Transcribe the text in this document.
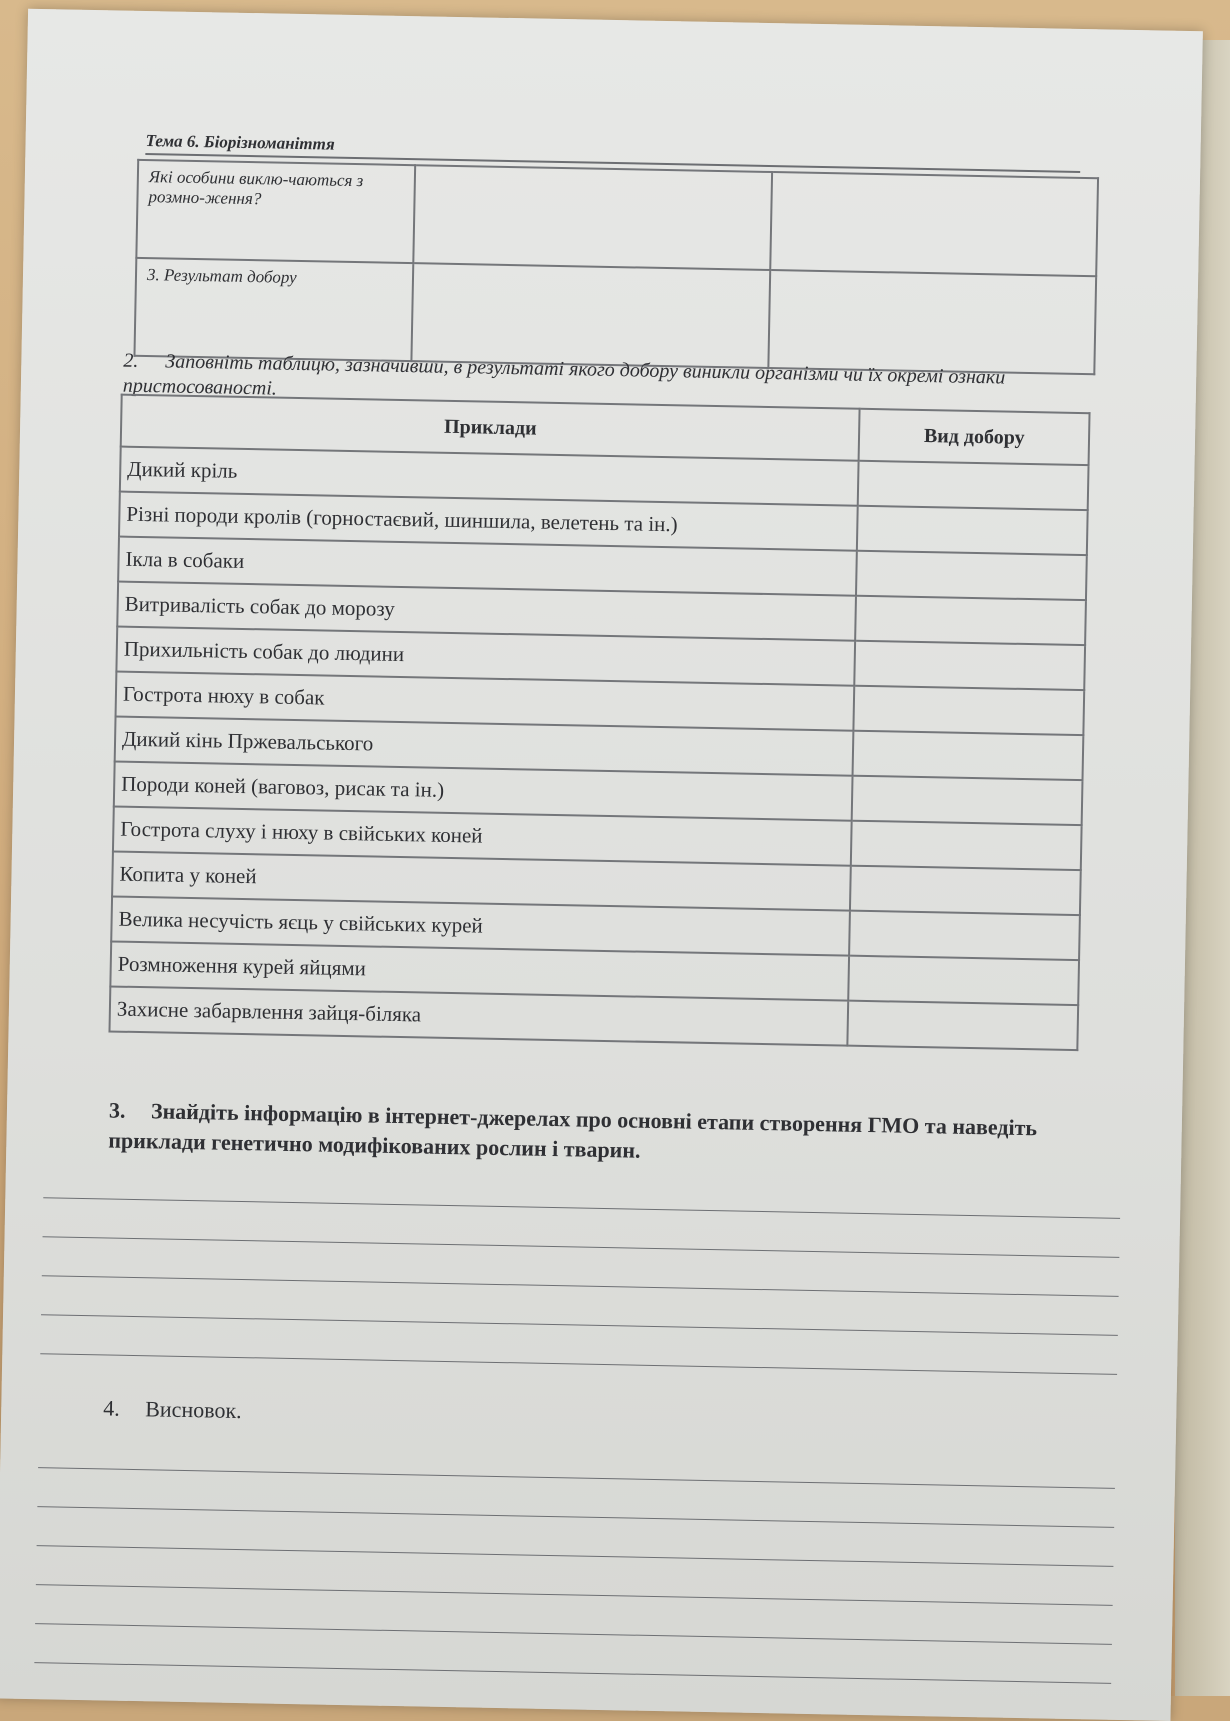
Тема 6. Біорізноманіття
Які особини виклю-чаються з розмно-ження?		
3. Результат добору		
2. Заповніть таблицю, зазначивши, в результаті якого добору виникли організми чи їх окремі ознаки пристосованості.
Приклади	Вид добору
Дикий кріль	
Різні породи кролів (горностаєвий, шиншила, велетень та ін.)	
Ікла в собаки	
Витривалість собак до морозу	
Прихильність собак до людини	
Гострота нюху в собак	
Дикий кінь Пржевальського	
Породи коней (ваговоз, рисак та ін.)	
Гострота слуху і нюху в свійських коней	
Копита у коней	
Велика несучість яєць у свійських курей	
Розмноження курей яйцями	
Захисне забарвлення зайця-біляка	
3. Знайдіть інформацію в інтернет-джерелах про основні етапи створення ГМО та наведіть приклади генетично модифікованих рослин і тварин.
4. Висновок.
